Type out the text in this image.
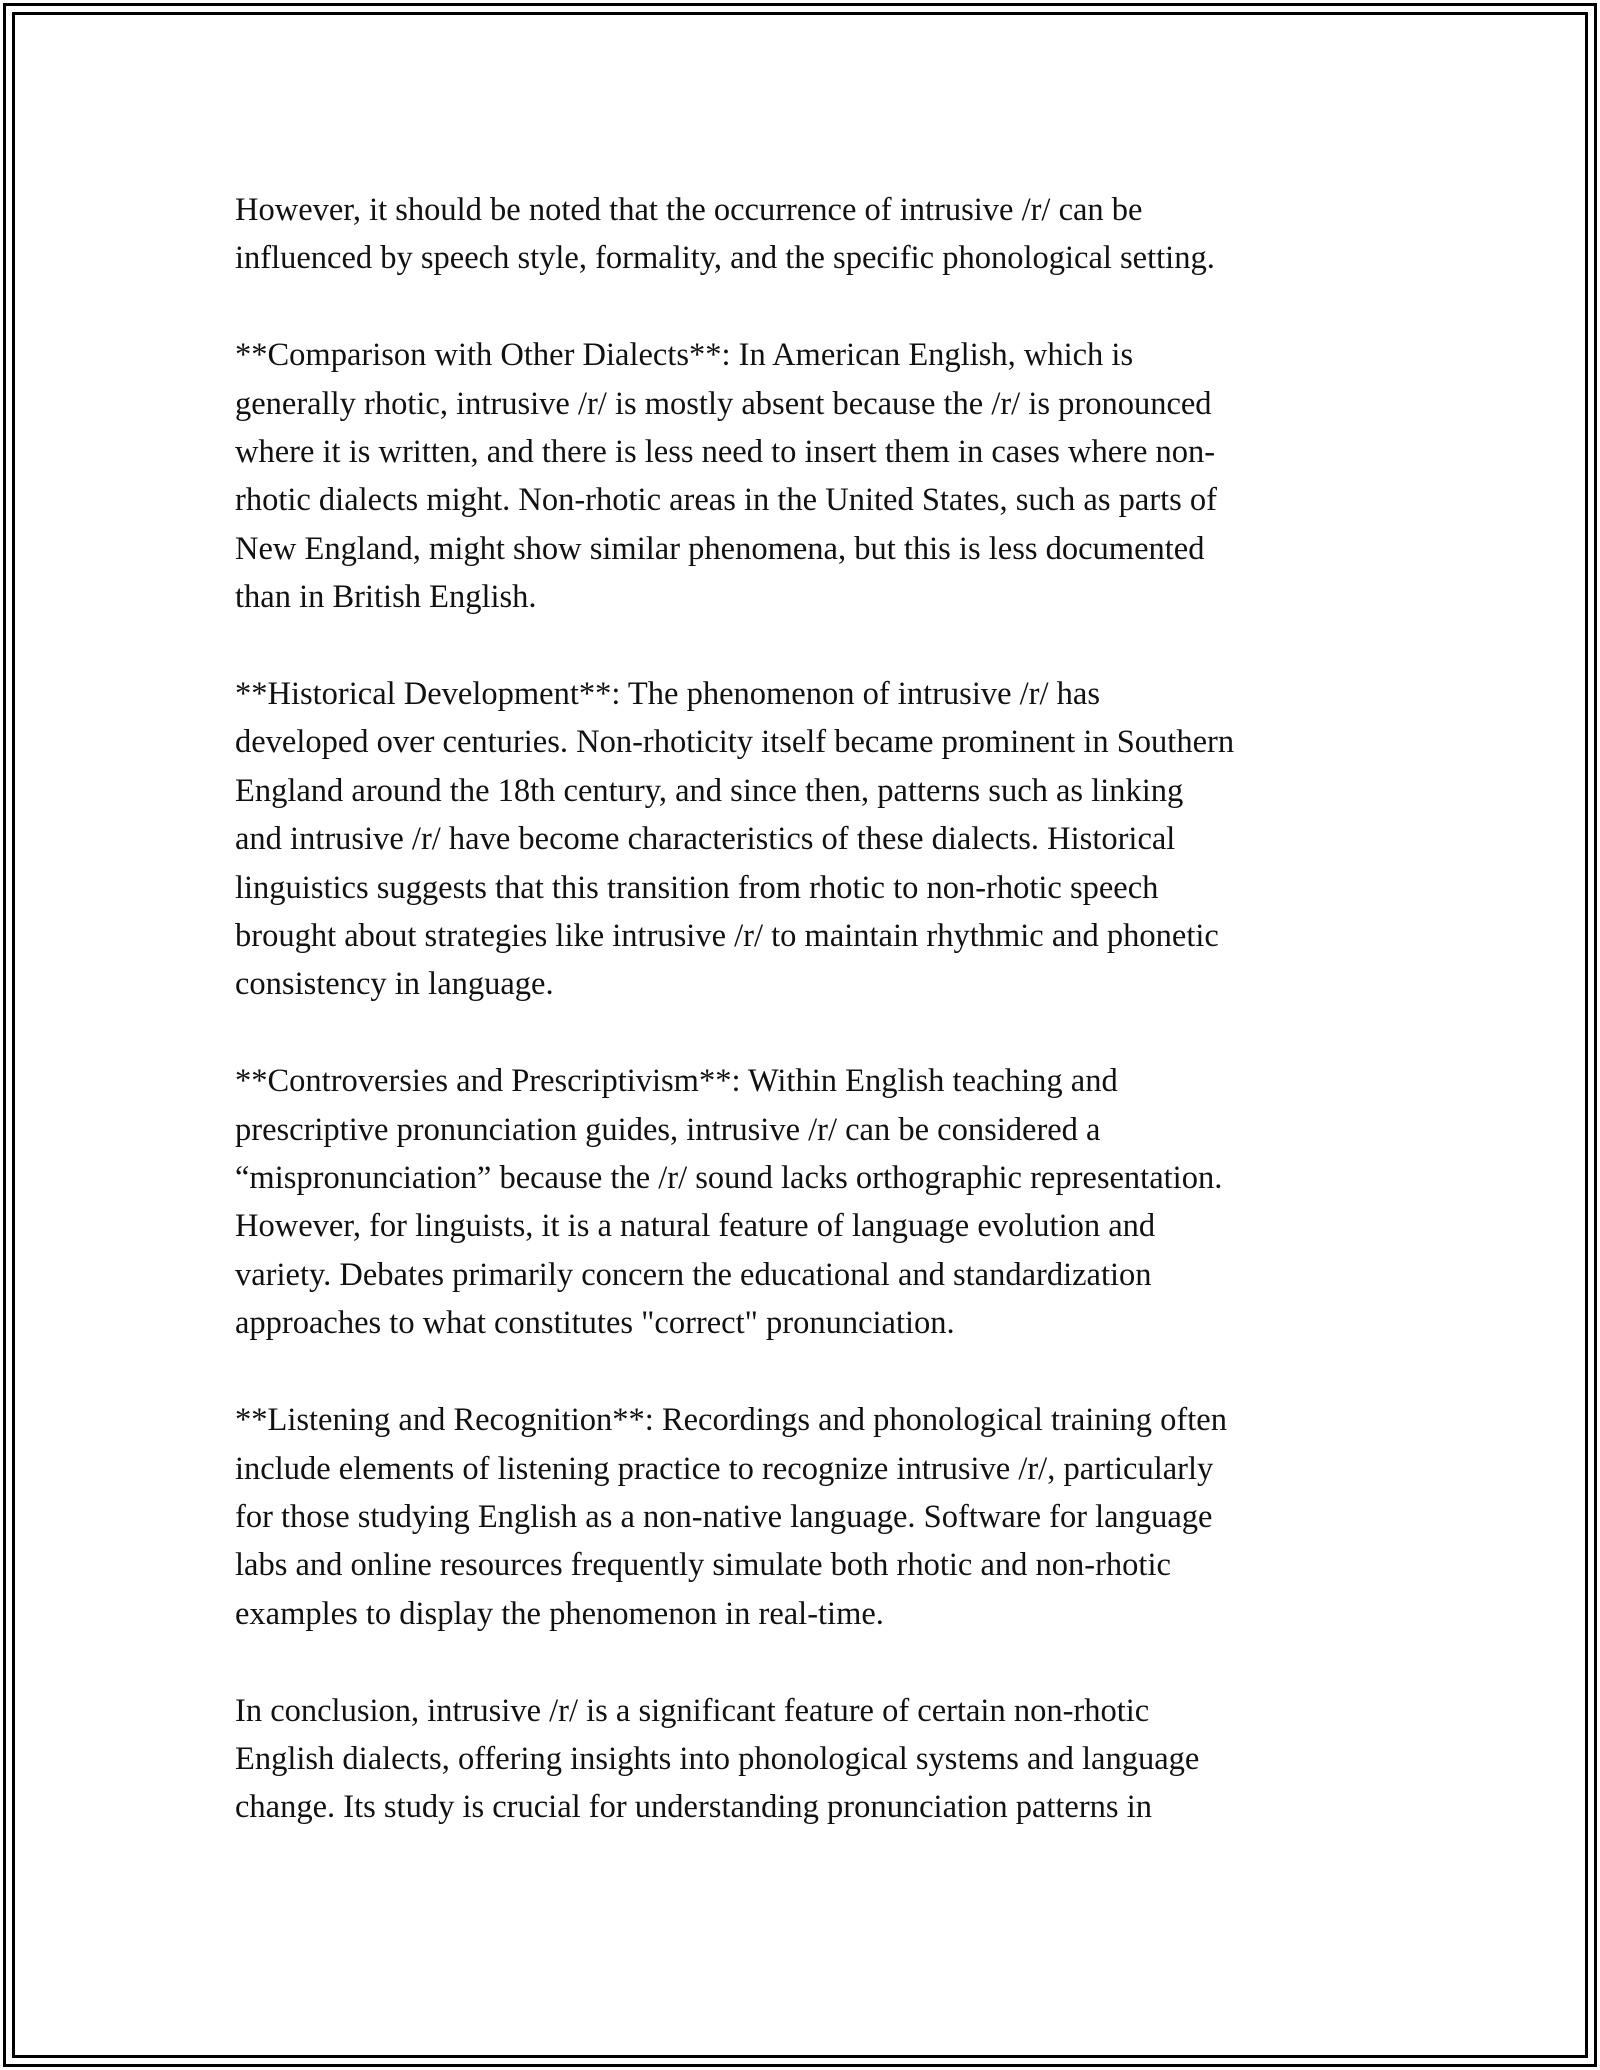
However, it should be noted that the occurrence of intrusive /r/ can be
influenced by speech style, formality, and the specific phonological setting.

**Comparison with Other Dialects**: In American English, which is
generally rhotic, intrusive /r/ is mostly absent because the /r/ is pronounced
where it is written, and there is less need to insert them in cases where non-
rhotic dialects might. Non-rhotic areas in the United States, such as parts of
New England, might show similar phenomena, but this is less documented
than in British English.

**Historical Development**: The phenomenon of intrusive /r/ has
developed over centuries. Non-rhoticity itself became prominent in Southern
England around the 18th century, and since then, patterns such as linking
and intrusive /r/ have become characteristics of these dialects. Historical
linguistics suggests that this transition from rhotic to non-rhotic speech
brought about strategies like intrusive /r/ to maintain rhythmic and phonetic
consistency in language.

**Controversies and Prescriptivism**: Within English teaching and
prescriptive pronunciation guides, intrusive /r/ can be considered a
“mispronunciation” because the /r/ sound lacks orthographic representation.
However, for linguists, it is a natural feature of language evolution and
variety. Debates primarily concern the educational and standardization
approaches to what constitutes "correct" pronunciation.

**Listening and Recognition**: Recordings and phonological training often
include elements of listening practice to recognize intrusive /r/, particularly
for those studying English as a non-native language. Software for language
labs and online resources frequently simulate both rhotic and non-rhotic
examples to display the phenomenon in real-time.

In conclusion, intrusive /r/ is a significant feature of certain non-rhotic
English dialects, offering insights into phonological systems and language
change. Its study is crucial for understanding pronunciation patterns in
